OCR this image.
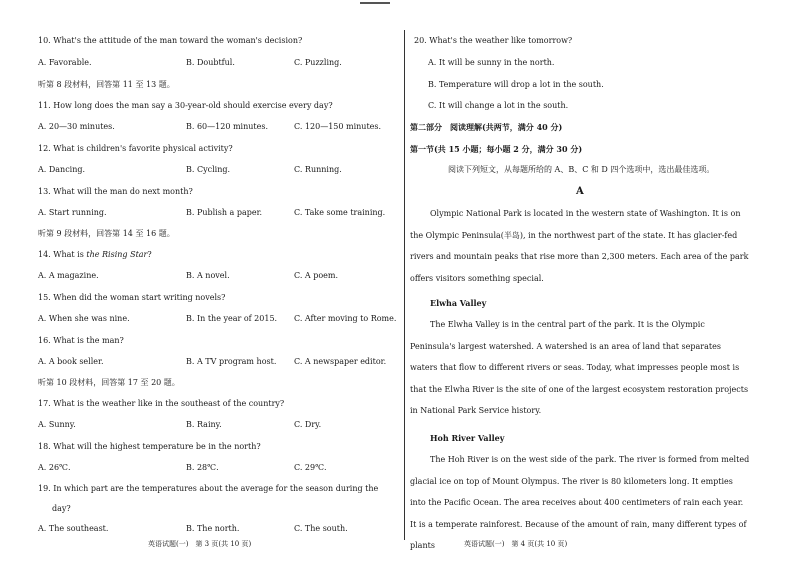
10. What's the attitude of the man toward the woman's decision?
A. Favorable.	B. Doubtful.	C. Puzzling.
听第 8 段材料，回答第 11 至 13 题。
11. How long does the man say a 30-year-old should exercise every day?
A. 20—30 minutes.	B. 60—120 minutes.	C. 120—150 minutes.
12. What is children's favorite physical activity?
A. Dancing.	B. Cycling.	C. Running.
13. What will the man do next month?
A. Start running.	B. Publish a paper.	C. Take some training.
听第 9 段材料，回答第 14 至 16 题。
14. What is the Rising Star?
A. A magazine.	B. A novel.	C. A poem.
15. When did the woman start writing novels?
A. When she was nine.	B. In the year of 2015. C. After moving to Rome.
16. What is the man?
A. A book seller.	B. A TV program host. C. A newspaper editor.
听第 10 段材料，回答第 17 至 20 题。
17. What is the weather like in the southeast of the country?
A. Sunny.	B. Rainy.	C. Dry.
18. What will the highest temperature be in the north?
A. 26℃.	B. 28℃.	C. 29℃.
19. In which part are the temperatures about the average for the season during the
day?
A. The southeast.	B. The north.	C. The south.
英语试题(一)　第 3 页(共 10 页)
20. What's the weather like tomorrow?
A. It will be sunny in the north.
B. Temperature will drop a lot in the south.
C. It will change a lot in the south.
第二部分　阅读理解(共两节，满分 40 分)
第一节(共 15 小题；每小题 2 分，满分 30 分)
阅读下列短文，从每题所给的 A、B、C 和 D 四个选项中，选出最佳选项。
A
Olympic National Park is located in the western state of Washington. It is on the Olympic Peninsula(半岛), in the northwest part of the state. It has glacier-fed rivers and mountain peaks that rise more than 2,300 meters. Each area of the park offers visitors something special.
Elwha Valley
The Elwha Valley is in the central part of the park. It is the Olympic Peninsula's largest watershed. A watershed is an area of land that separates waters that flow to different rivers or seas. Today, what impresses people most is that the Elwha River is the site of one of the largest ecosystem restoration projects in National Park Service history.
Hoh River Valley
The Hoh River is on the west side of the park. The river is formed from melted glacial ice on top of Mount Olympus. The river is 80 kilometers long. It empties into the Pacific Ocean. The area receives about 400 centimeters of rain each year. It is a temperate rainforest. Because of the amount of rain, many different types of plants	英语试题(一)　第 4 页(共 10 页)
